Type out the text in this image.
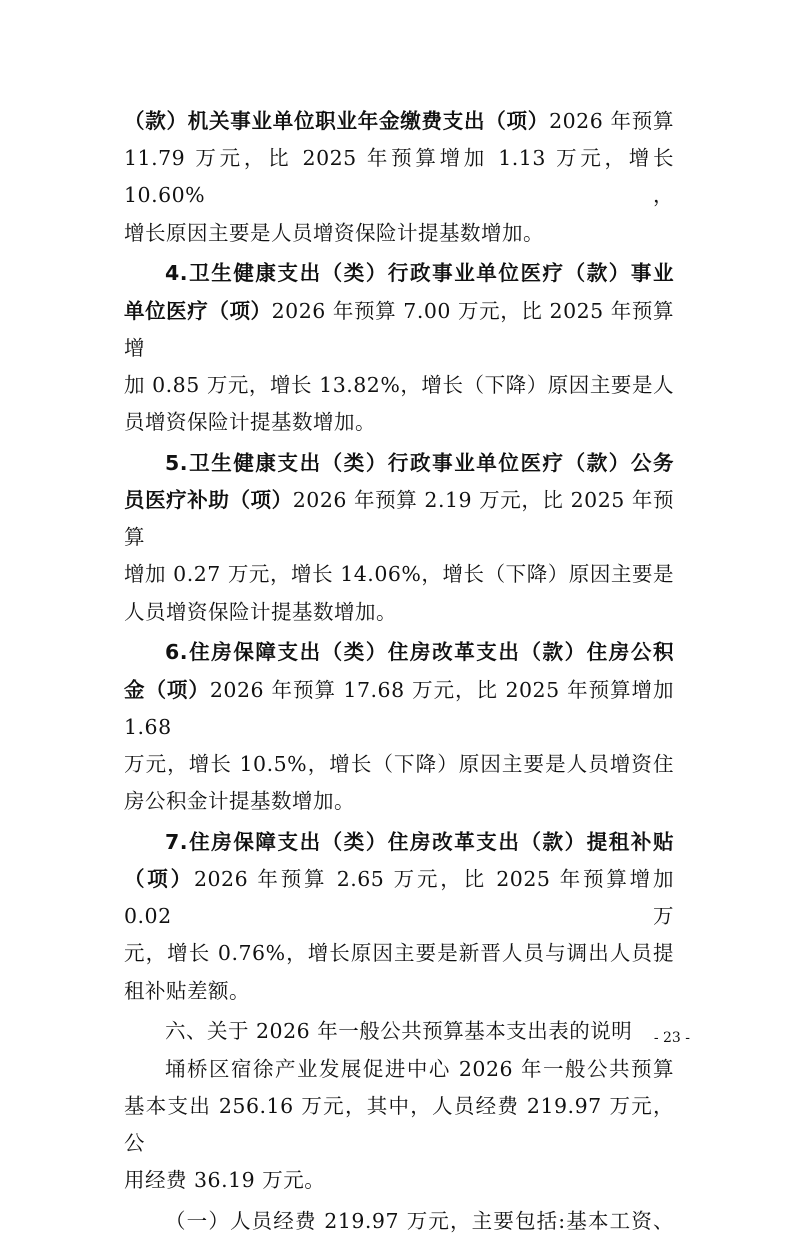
（款）机关事业单位职业年金缴费支出（项）2026 年预算

11.79 万元，比 2025 年预算增加 1.13 万元，增长 10.60%，

增长原因主要是人员增资保险计提基数增加。

4.卫生健康支出（类）行政事业单位医疗（款）事业

单位医疗（项）2026 年预算 7.00 万元，比 2025 年预算增

加 0.85 万元，增长 13.82%，增长（下降）原因主要是人

员增资保险计提基数增加。

5.卫生健康支出（类）行政事业单位医疗（款）公务

员医疗补助（项）2026 年预算 2.19 万元，比 2025 年预算

增加 0.27 万元，增长 14.06%，增长（下降）原因主要是

人员增资保险计提基数增加。

6.住房保障支出（类）住房改革支出（款）住房公积

金（项）2026 年预算 17.68 万元，比 2025 年预算增加 1.68

万元，增长 10.5%，增长（下降）原因主要是人员增资住

房公积金计提基数增加。

7.住房保障支出（类）住房改革支出（款）提租补贴

（项）2026 年预算 2.65 万元，比 2025 年预算增加 0.02 万

元，增长 0.76%，增长原因主要是新晋人员与调出人员提

租补贴差额。

六、关于 2026 年一般公共预算基本支出表的说明

埇桥区宿徐产业发展促进中心 2026 年一般公共预算

基本支出 256.16 万元，其中，人员经费 219.97 万元，公

用经费 36.19 万元。

（一）人员经费 219.97 万元，主要包括:基本工资、

- 23 -
